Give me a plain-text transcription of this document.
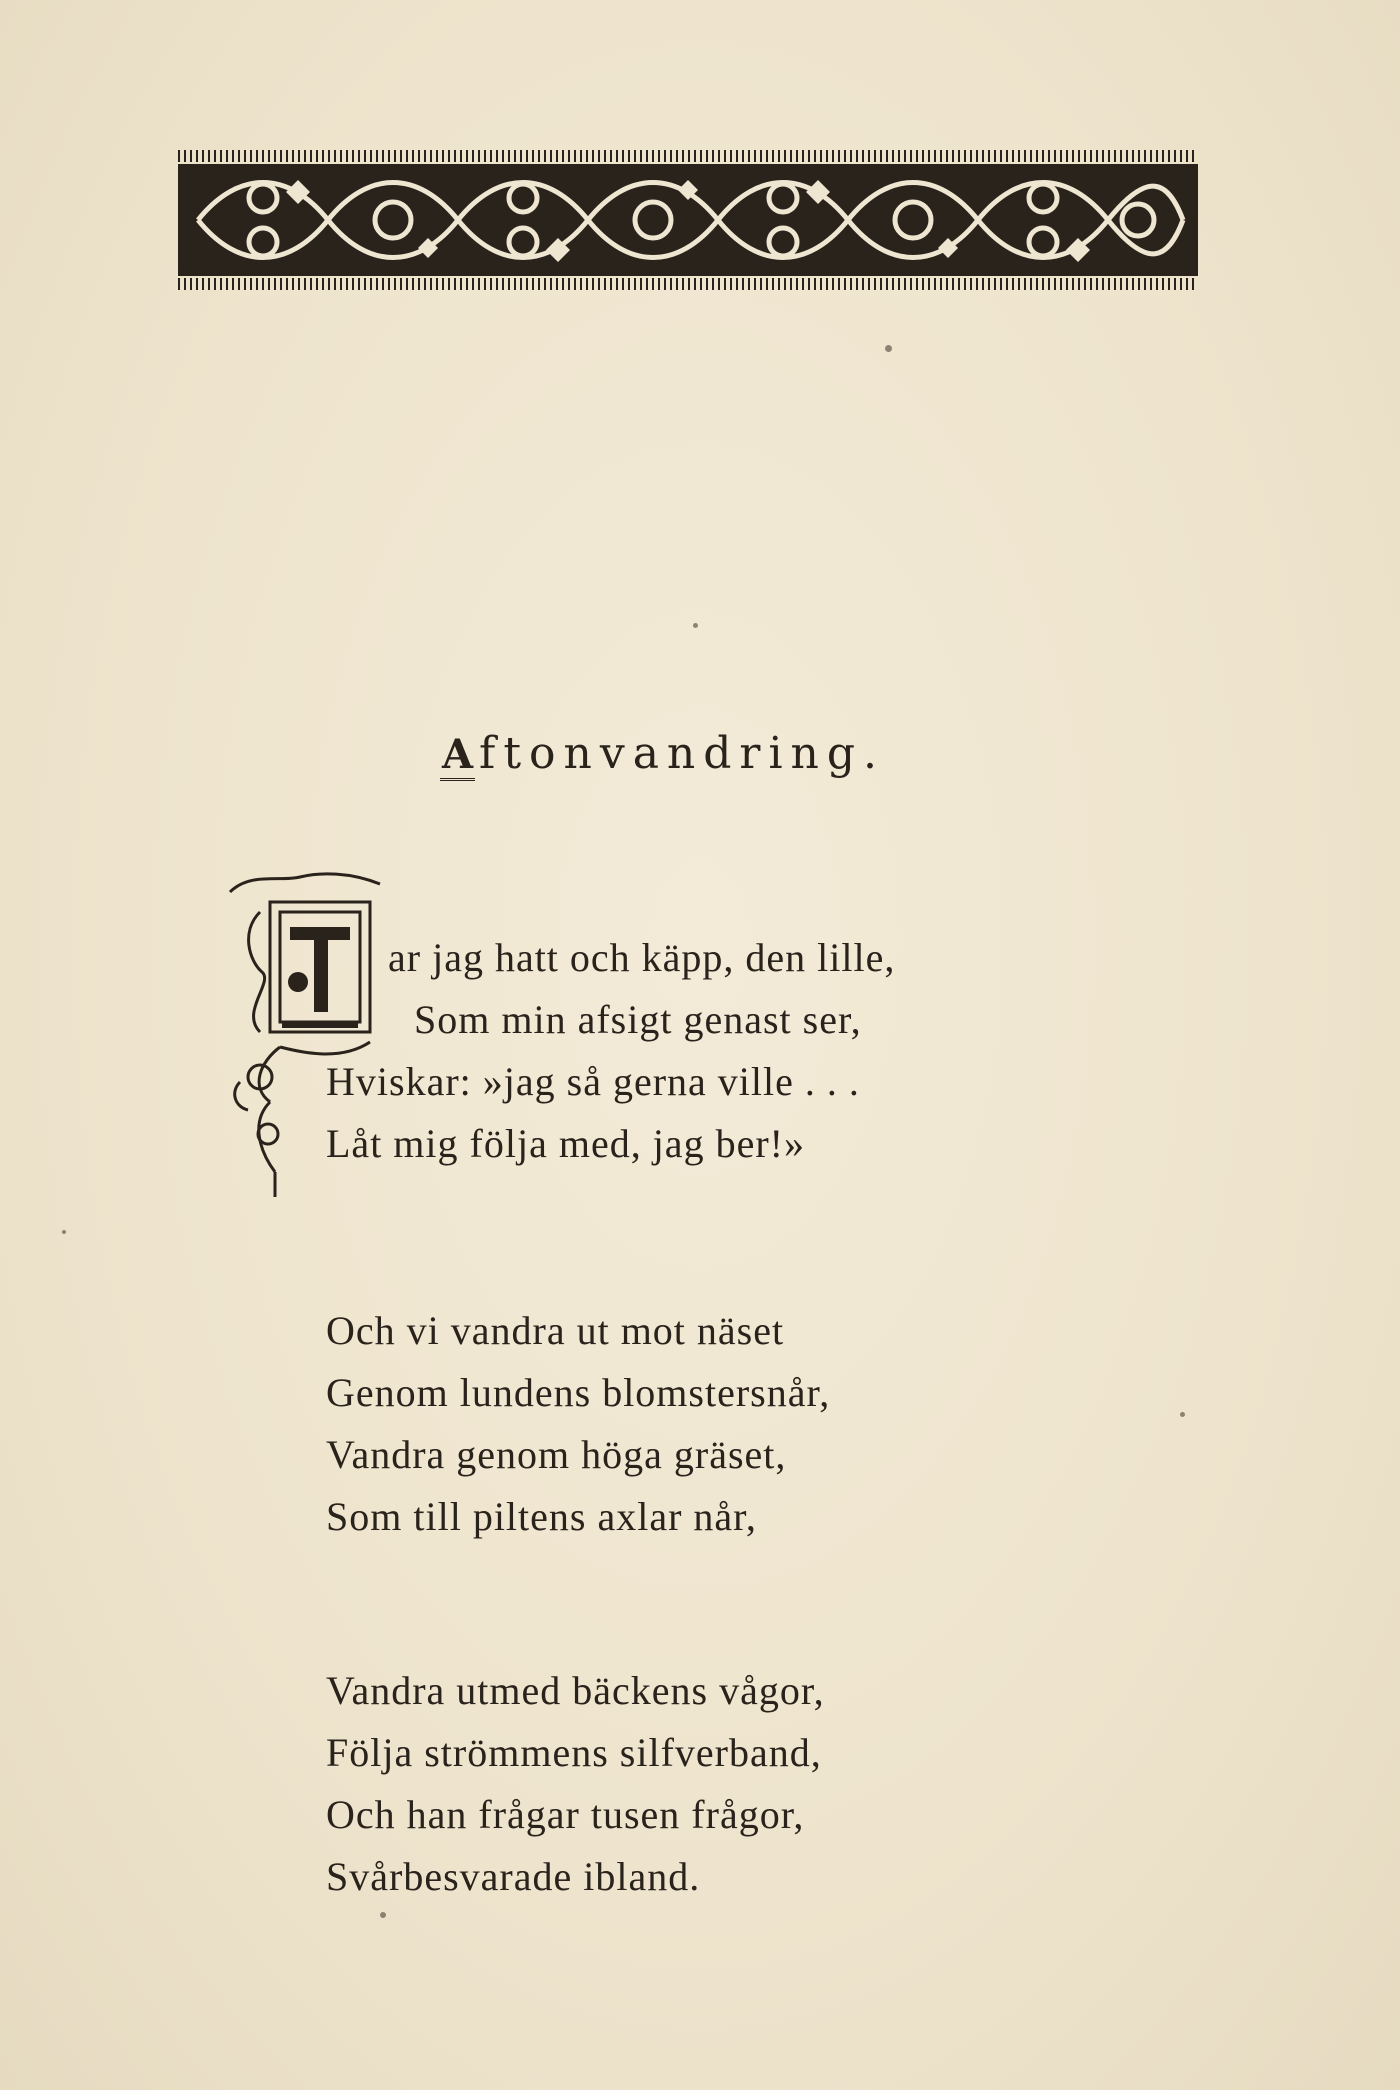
A ftonvandring.
ar jag hatt och käpp, den lille,
Som min afsigt genast ser,
Hviskar: »jag så gerna ville . . .
Låt mig följa med, jag ber!»
Och vi vandra ut mot näset
Genom lundens blomstersnår,
Vandra genom höga gräset,
Som till piltens axlar når,
Vandra utmed bäckens vågor,
Följa strömmens silfverband,
Och han frågar tusen frågor,
Svårbesvarade ibland.
